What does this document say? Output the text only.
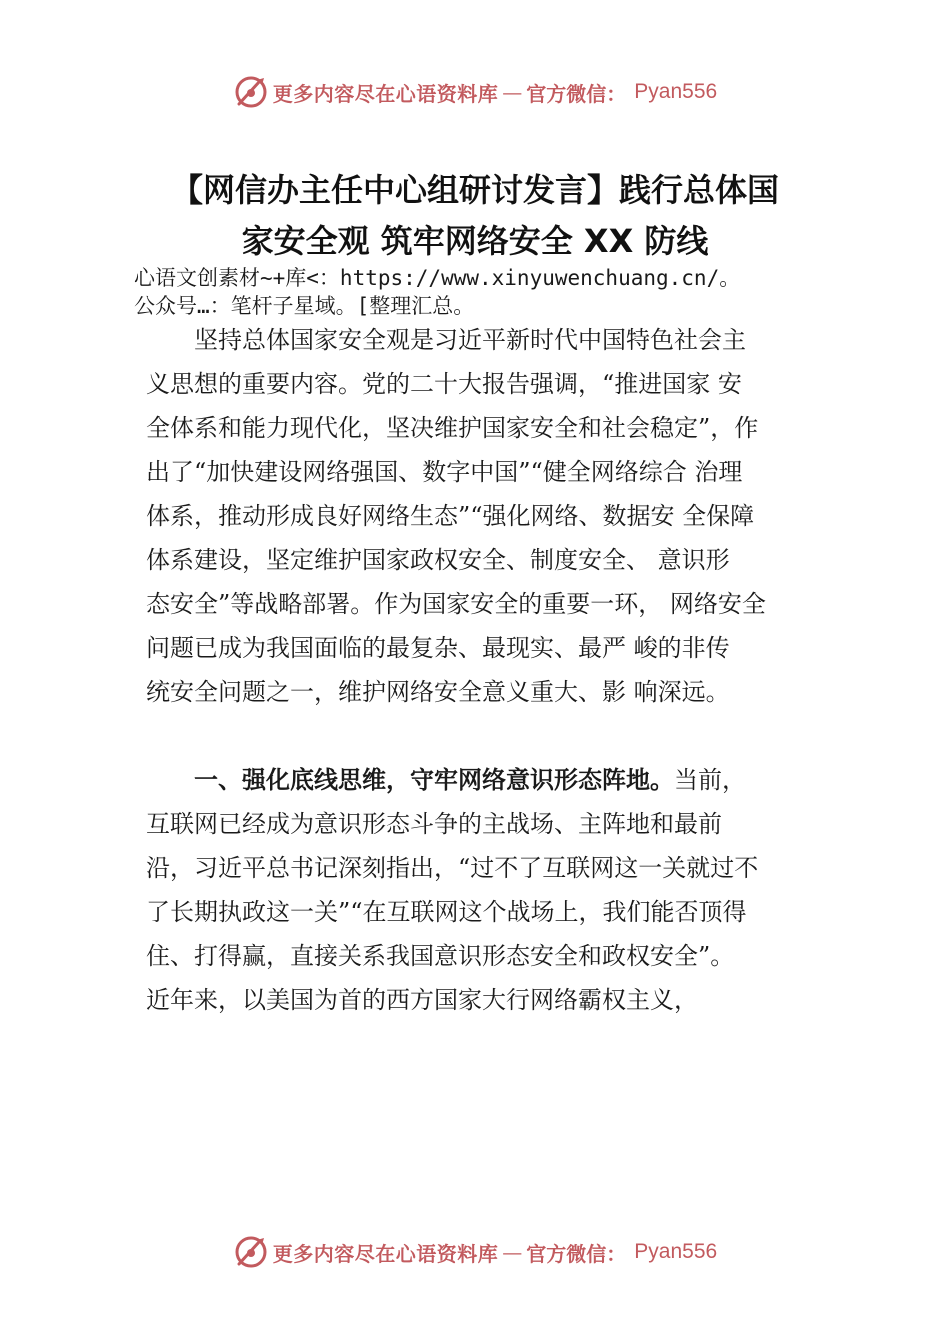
更多内容尽在心语资料库 — 官方微信： Pyan556
【网信办主任中心组研讨发言】践行总体国
家安全观 筑牢网络安全 XX 防线
心语文创素材~+库<：https://www.xinyuwenchuang.cn/。
公众号…：笔杆子星域。[整理汇总。
　　坚持总体国家安全观是习近平新时代中国特色社会主
义思想的重要内容。党的二十大报告强调，“推进国家 安
全体系和能力现代化，坚决维护国家安全和社会稳定”，作
出了“加快建设网络强国、数字中国”“健全网络综合 治理
体系，推动形成良好网络生态”“强化网络、数据安 全保障
体系建设，坚定维护国家政权安全、制度安全、 意识形
态安全”等战略部署。作为国家安全的重要一环， 网络安全
问题已成为我国面临的最复杂、最现实、最严 峻的非传
统安全问题之一，维护网络安全意义重大、影 响深远。
　　一、强化底线思维，守牢网络意识形态阵地。当前，
互联网已经成为意识形态斗争的主战场、主阵地和最前
沿，习近平总书记深刻指出，“过不了互联网这一关就过不
了长期执政这一关”“在互联网这个战场上，我们能否顶得
住、打得赢，直接关系我国意识形态安全和政权安全”。
近年来，以美国为首的西方国家大行网络霸权主义，
更多内容尽在心语资料库 — 官方微信： Pyan556
